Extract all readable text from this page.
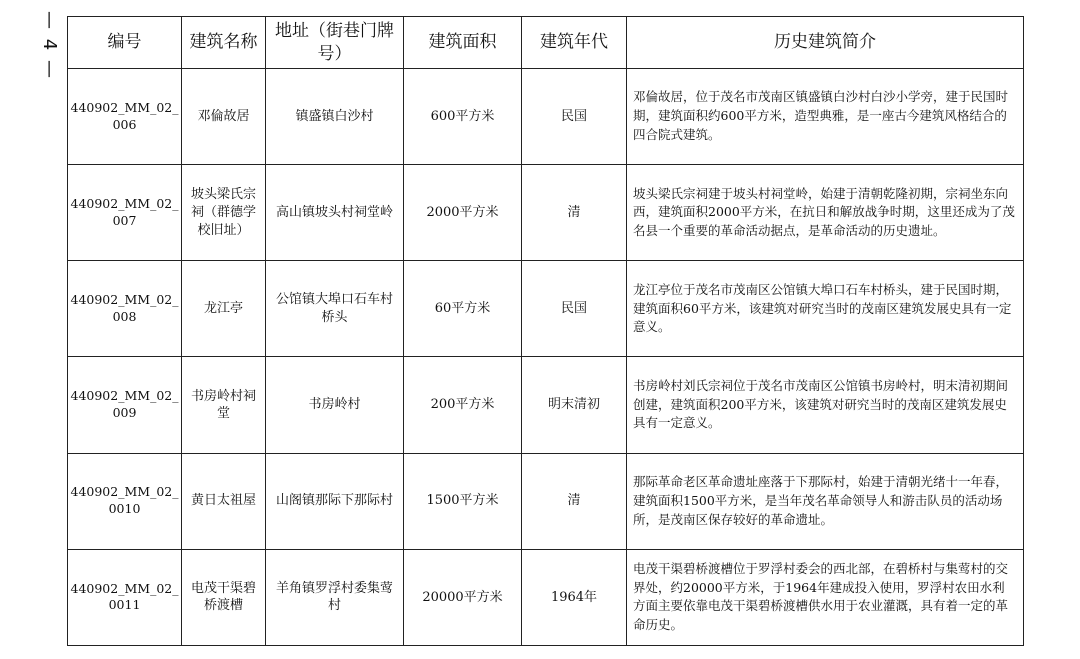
— 4 —	编号	建筑名称	地址（街巷门牌号）	建筑面积	建筑年代	历史建筑简介
440902_MM_02_006	邓倫故居	镇盛镇白沙村	600平方米	民国	邓倫故居，位于茂名市茂南区镇盛镇白沙村白沙小学旁，建于民国时期，建筑面积约600平方米，造型典雅，是一座古今建筑风格结合的四合院式建筑。
440902_MM_02_007	坡头梁氏宗祠（群德学校旧址）	高山镇坡头村祠堂岭	2000平方米	清	坡头梁氏宗祠建于坡头村祠堂岭，始建于清朝乾隆初期，宗祠坐东向西，建筑面积2000平方米，在抗日和解放战争时期，这里还成为了茂名县一个重要的革命活动据点，是革命活动的历史遗址。
440902_MM_02_008	龙江亭	公馆镇大埠口石车村桥头	60平方米	民国	龙江亭位于茂名市茂南区公馆镇大埠口石车村桥头，建于民国时期，建筑面积60平方米，该建筑对研究当时的茂南区建筑发展史具有一定意义。
440902_MM_02_009	书房岭村祠堂	书房岭村	200平方米	明末清初	书房岭村刘氏宗祠位于茂名市茂南区公馆镇书房岭村，明末清初期间创建，建筑面积200平方米，该建筑对研究当时的茂南区建筑发展史具有一定意义。
440902_MM_02_0010	黄日太祖屋	山阁镇那际下那际村	1500平方米	清	那际革命老区革命遗址座落于下那际村，始建于清朝光绪十一年春，建筑面积1500平方米，是当年茂名革命领导人和游击队员的活动场所，是茂南区保存较好的革命遗址。
440902_MM_02_0011	电茂干渠碧桥渡槽	羊角镇罗浮村委集莺村	20000平方米	1964年	电茂干渠碧桥渡槽位于罗浮村委会的西北部，在碧桥村与集莺村的交界处，约20000平方米，于1964年建成投入使用，罗浮村农田水利方面主要依靠电茂干渠碧桥渡槽供水用于农业灌溉，具有着一定的革命历史。
